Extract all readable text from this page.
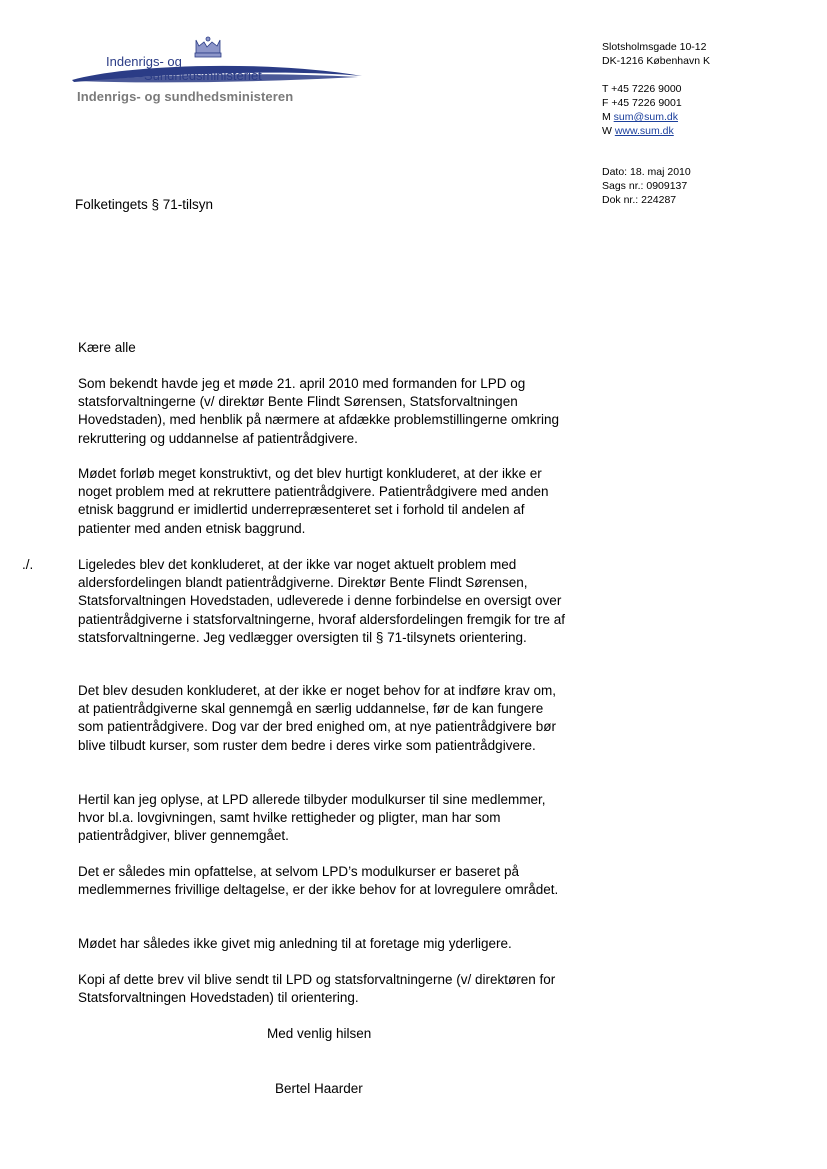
Indenrigs- og
Sundhedsministeriet
Indenrigs- og sundhedsministeren
Slotsholmsgade 10-12
DK-1216 København K
T +45 7226 9000
F +45 7226 9001
M sum@sum.dk
W www.sum.dk
Dato: 18. maj 2010
Sags nr.: 0909137
Dok nr.: 224287
Folketingets § 71-tilsyn
Kære alle

Som bekendt havde jeg et møde 21. april 2010 med formanden for LPD og statsforvaltningerne (v/ direktør Bente Flindt Sørensen, Statsforvaltningen Hovedstaden), med henblik på nærmere at afdække problemstillingerne omkring rekruttering og uddannelse af patientrådgivere.

Mødet forløb meget konstruktivt, og det blev hurtigt konkluderet, at der ikke er noget problem med at rekruttere patientrådgivere. Patientrådgivere med anden etnisk baggrund er imidlertid underrepræsenteret set i forhold til andelen af patienter med anden etnisk baggrund.

./.	Ligeledes blev det konkluderet, at der ikke var noget aktuelt problem med aldersfordelingen blandt patientrådgiverne. Direktør Bente Flindt Sørensen, Statsforvaltningen Hovedstaden, udleverede i denne forbindelse en oversigt over patientrådgiverne i statsforvaltningerne, hvoraf aldersfordelingen fremgik for tre af statsforvaltningerne. Jeg vedlægger oversigten til § 71-tilsynets orientering.

Det blev desuden konkluderet, at der ikke er noget behov for at indføre krav om, at patientrådgiverne skal gennemgå en særlig uddannelse, før de kan fungere som patientrådgivere. Dog var der bred enighed om, at nye patientrådgivere bør blive tilbudt kurser, som ruster dem bedre i deres virke som patientrådgivere.

Hertil kan jeg oplyse, at LPD allerede tilbyder modulkurser til sine medlemmer, hvor bl.a. lovgivningen, samt hvilke rettigheder og pligter, man har som patientrådgiver, bliver gennemgået.

Det er således min opfattelse, at selvom LPD’s modulkurser er baseret på medlemmernes frivillige deltagelse, er der ikke behov for at lovregulere området.

Mødet har således ikke givet mig anledning til at foretage mig yderligere.

Kopi af dette brev vil blive sendt til LPD og statsforvaltningerne (v/ direktøren for Statsforvaltningen Hovedstaden) til orientering.

Med venlig hilsen
Bertel Haarder
